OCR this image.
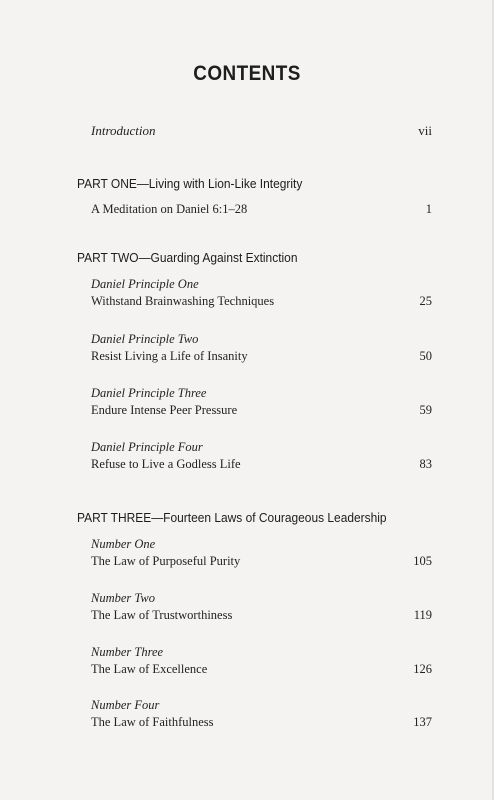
CONTENTS
Introduction	vii
PART ONE—Living with Lion-Like Integrity
A Meditation on Daniel 6:1–28	1
PART TWO—Guarding Against Extinction
Daniel Principle One
Withstand Brainwashing Techniques	25
Daniel Principle Two
Resist Living a Life of Insanity	50
Daniel Principle Three
Endure Intense Peer Pressure	59
Daniel Principle Four
Refuse to Live a Godless Life	83
PART THREE—Fourteen Laws of Courageous Leadership
Number One
The Law of Purposeful Purity	105
Number Two
The Law of Trustworthiness	119
Number Three
The Law of Excellence	126
Number Four
The Law of Faithfulness	137
